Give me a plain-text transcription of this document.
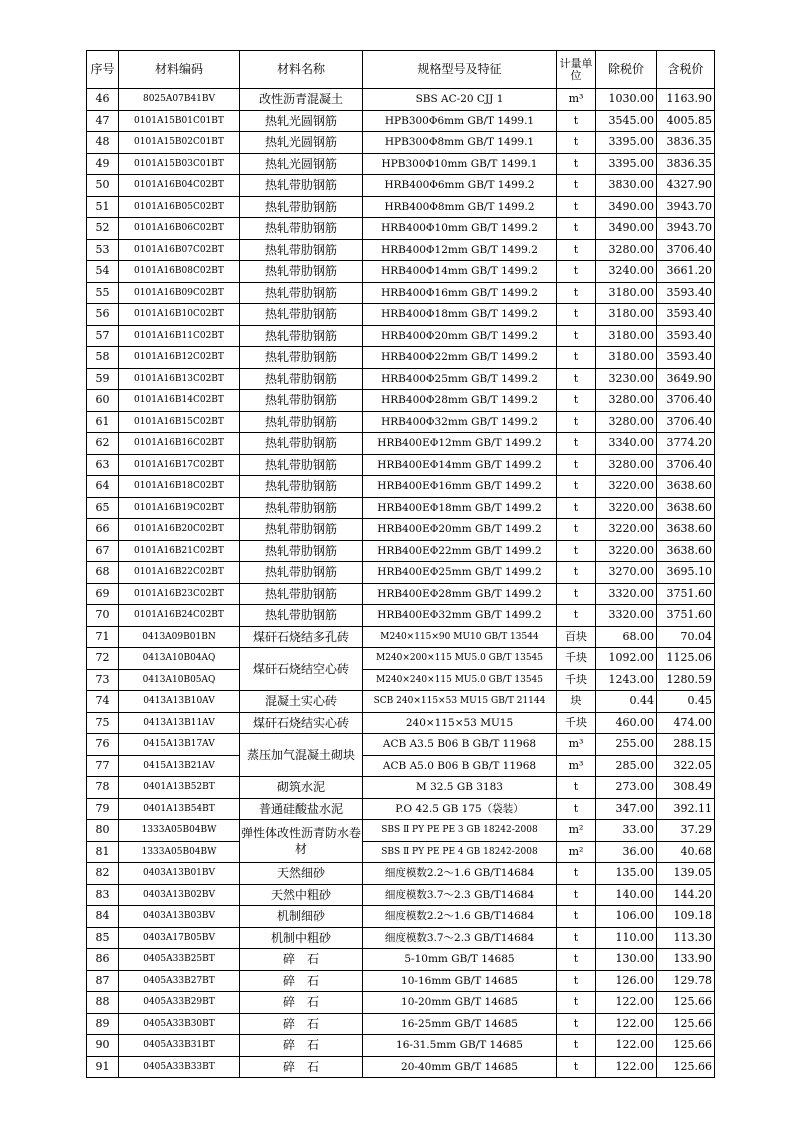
序号	材料编码	材料名称	规格型号及特征	计量单位	除税价	含税价
46	8025A07B41BV	改性沥青混凝土	SBS AC-20 CJJ 1	m³	1030.00	1163.90
47	0101A15B01C01BT	热轧光圆钢筋	HPB300Φ6mm GB/T 1499.1	t	3545.00	4005.85
48	0101A15B02C01BT	热轧光圆钢筋	HPB300Φ8mm GB/T 1499.1	t	3395.00	3836.35
49	0101A15B03C01BT	热轧光圆钢筋	HPB300Φ10mm GB/T 1499.1	t	3395.00	3836.35
50	0101A16B04C02BT	热轧带肋钢筋	HRB400Φ6mm GB/T 1499.2	t	3830.00	4327.90
51	0101A16B05C02BT	热轧带肋钢筋	HRB400Φ8mm GB/T 1499.2	t	3490.00	3943.70
52	0101A16B06C02BT	热轧带肋钢筋	HRB400Φ10mm GB/T 1499.2	t	3490.00	3943.70
53	0101A16B07C02BT	热轧带肋钢筋	HRB400Φ12mm GB/T 1499.2	t	3280.00	3706.40
54	0101A16B08C02BT	热轧带肋钢筋	HRB400Φ14mm GB/T 1499.2	t	3240.00	3661.20
55	0101A16B09C02BT	热轧带肋钢筋	HRB400Φ16mm GB/T 1499.2	t	3180.00	3593.40
56	0101A16B10C02BT	热轧带肋钢筋	HRB400Φ18mm GB/T 1499.2	t	3180.00	3593.40
57	0101A16B11C02BT	热轧带肋钢筋	HRB400Φ20mm GB/T 1499.2	t	3180.00	3593.40
58	0101A16B12C02BT	热轧带肋钢筋	HRB400Φ22mm GB/T 1499.2	t	3180.00	3593.40
59	0101A16B13C02BT	热轧带肋钢筋	HRB400Φ25mm GB/T 1499.2	t	3230.00	3649.90
60	0101A16B14C02BT	热轧带肋钢筋	HRB400Φ28mm GB/T 1499.2	t	3280.00	3706.40
61	0101A16B15C02BT	热轧带肋钢筋	HRB400Φ32mm GB/T 1499.2	t	3280.00	3706.40
62	0101A16B16C02BT	热轧带肋钢筋	HRB400EΦ12mm GB/T 1499.2	t	3340.00	3774.20
63	0101A16B17C02BT	热轧带肋钢筋	HRB400EΦ14mm GB/T 1499.2	t	3280.00	3706.40
64	0101A16B18C02BT	热轧带肋钢筋	HRB400EΦ16mm GB/T 1499.2	t	3220.00	3638.60
65	0101A16B19C02BT	热轧带肋钢筋	HRB400EΦ18mm GB/T 1499.2	t	3220.00	3638.60
66	0101A16B20C02BT	热轧带肋钢筋	HRB400EΦ20mm GB/T 1499.2	t	3220.00	3638.60
67	0101A16B21C02BT	热轧带肋钢筋	HRB400EΦ22mm GB/T 1499.2	t	3220.00	3638.60
68	0101A16B22C02BT	热轧带肋钢筋	HRB400EΦ25mm GB/T 1499.2	t	3270.00	3695.10
69	0101A16B23C02BT	热轧带肋钢筋	HRB400EΦ28mm GB/T 1499.2	t	3320.00	3751.60
70	0101A16B24C02BT	热轧带肋钢筋	HRB400EΦ32mm GB/T 1499.2	t	3320.00	3751.60
71	0413A09B01BN	煤矸石烧结多孔砖	M240×115×90 MU10 GB/T 13544	百块	68.00	70.04
72	0413A10B04AQ	煤矸石烧结空心砖	M240×200×115 MU5.0 GB/T 13545	千块	1092.00	1125.06
73	0413A10B05AQ		M240×240×115 MU5.0 GB/T 13545	千块	1243.00	1280.59
74	0413A13B10AV	混凝土实心砖	SCB 240×115×53 MU15 GB/T 21144	块	0.44	0.45
75	0413A13B11AV	煤矸石烧结实心砖	240×115×53 MU15	千块	460.00	474.00
76	0415A13B17AV	蒸压加气混凝土砌块	ACB A3.5 B06 B GB/T 11968	m³	255.00	288.15
77	0415A13B21AV		ACB A5.0 B06 B GB/T 11968	m³	285.00	322.05
78	0401A13B52BT	砌筑水泥	M 32.5 GB 3183	t	273.00	308.49
79	0401A13B54BT	普通硅酸盐水泥	P.O 42.5 GB 175（袋装）	t	347.00	392.11
80	1333A05B04BW	弹性体改性沥青防水卷材	SBS Ⅱ PY PE PE 3 GB 18242-2008	m²	33.00	37.29
81	1333A05B04BW		SBS Ⅱ PY PE PE 4 GB 18242-2008	m²	36.00	40.68
82	0403A13B01BV	天然细砂	细度模数2.2～1.6 GB/T14684	t	135.00	139.05
83	0403A13B02BV	天然中粗砂	细度模数3.7～2.3 GB/T14684	t	140.00	144.20
84	0403A13B03BV	机制细砂	细度模数2.2～1.6 GB/T14684	t	106.00	109.18
85	0403A17B05BV	机制中粗砂	细度模数3.7～2.3 GB/T14684	t	110.00	113.30
86	0405A33B25BT	碎　石	5-10mm GB/T 14685	t	130.00	133.90
87	0405A33B27BT	碎　石	10-16mm GB/T 14685	t	126.00	129.78
88	0405A33B29BT	碎　石	10-20mm GB/T 14685	t	122.00	125.66
89	0405A33B30BT	碎　石	16-25mm GB/T 14685	t	122.00	125.66
90	0405A33B31BT	碎　石	16-31.5mm GB/T 14685	t	122.00	125.66
91	0405A33B33BT	碎　石	20-40mm GB/T 14685	t	122.00	125.66
